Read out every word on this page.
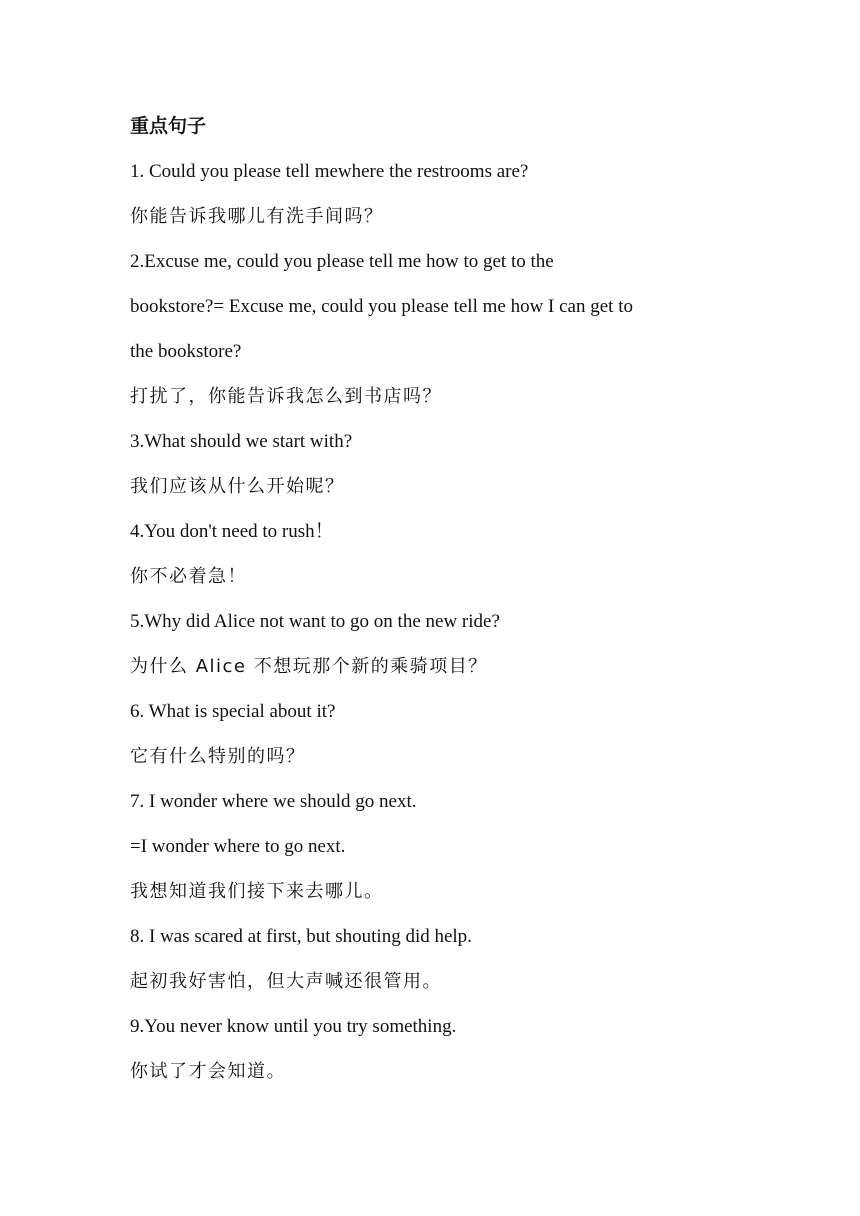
重点句子
1. Could you please tell mewhere the restrooms are?
你能告诉我哪儿有洗手间吗？
2.Excuse me, could you please tell me how to get to the
bookstore?= Excuse me, could you please tell me how I can get to
the bookstore?
打扰了，你能告诉我怎么到书店吗？
3.What should we start with?
我们应该从什么开始呢？
4.You don't need to rush！
你不必着急！
5.Why did Alice not want to go on the new ride?
为什么 Alice 不想玩那个新的乘骑项目？
6. What is special about it?
它有什么特别的吗？
7. I wonder where we should go next.
=I wonder where to go next.
我想知道我们接下来去哪儿。
8. I was scared at first, but shouting did help.
起初我好害怕，但大声喊还很管用。
9.You never know until you try something.
你试了才会知道。
